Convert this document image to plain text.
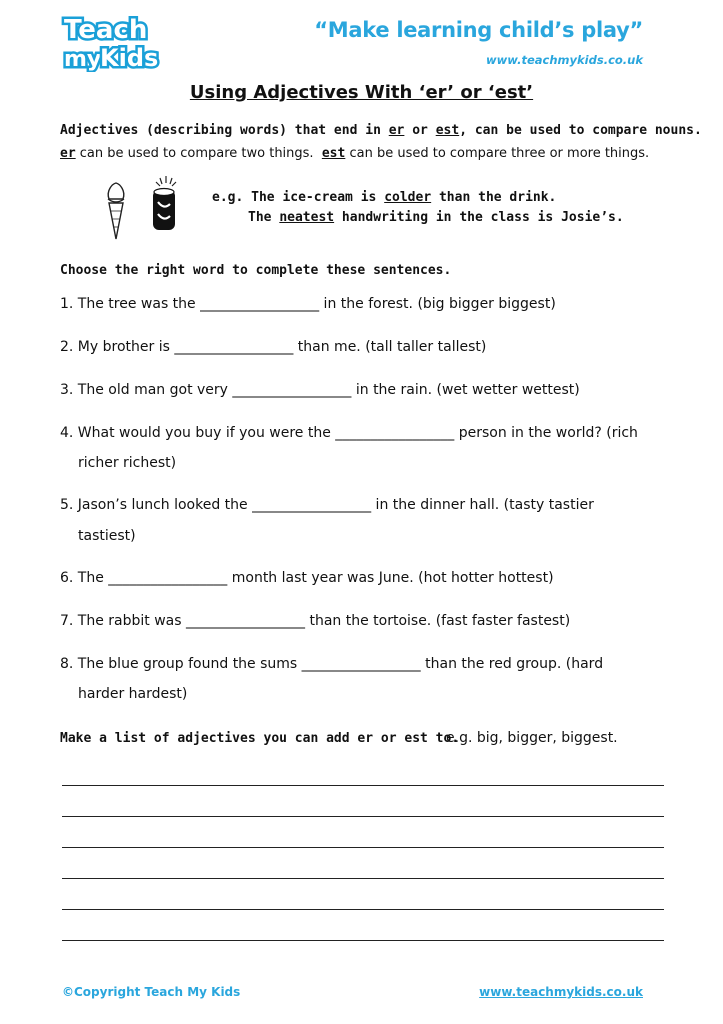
Teach
my
Kids
“Make learning child’s play”
www.teachmykids.co.uk
Using Adjectives With ‘er’ or ‘est’
Adjectives (describing words) that end in er or est, can be used to compare nouns.
er can be used to compare two things.  est can be used to compare three or more things.
e.g. The ice-cream is colder than the drink.
The neatest handwriting in the class is Josie’s.
Choose the right word to complete these sentences.
1. The tree was the _________________ in the forest. (big bigger biggest)
2. My brother is _________________ than me. (tall taller tallest)
3. The old man got very _________________ in the rain. (wet wetter wettest)
4. What would you buy if you were the _________________ person in the world? (rich
richer richest)
5. Jason’s lunch looked the _________________ in the dinner hall. (tasty tastier
tastiest)
6. The _________________ month last year was June. (hot hotter hottest)
7. The rabbit was _________________ than the tortoise. (fast faster fastest)
8. The blue group found the sums _________________ than the red group. (hard
harder hardest)
Make a list of adjectives you can add er or est to.
e.g. big, bigger, biggest.
©Copyright Teach My Kids	www.teachmykids.co.uk
